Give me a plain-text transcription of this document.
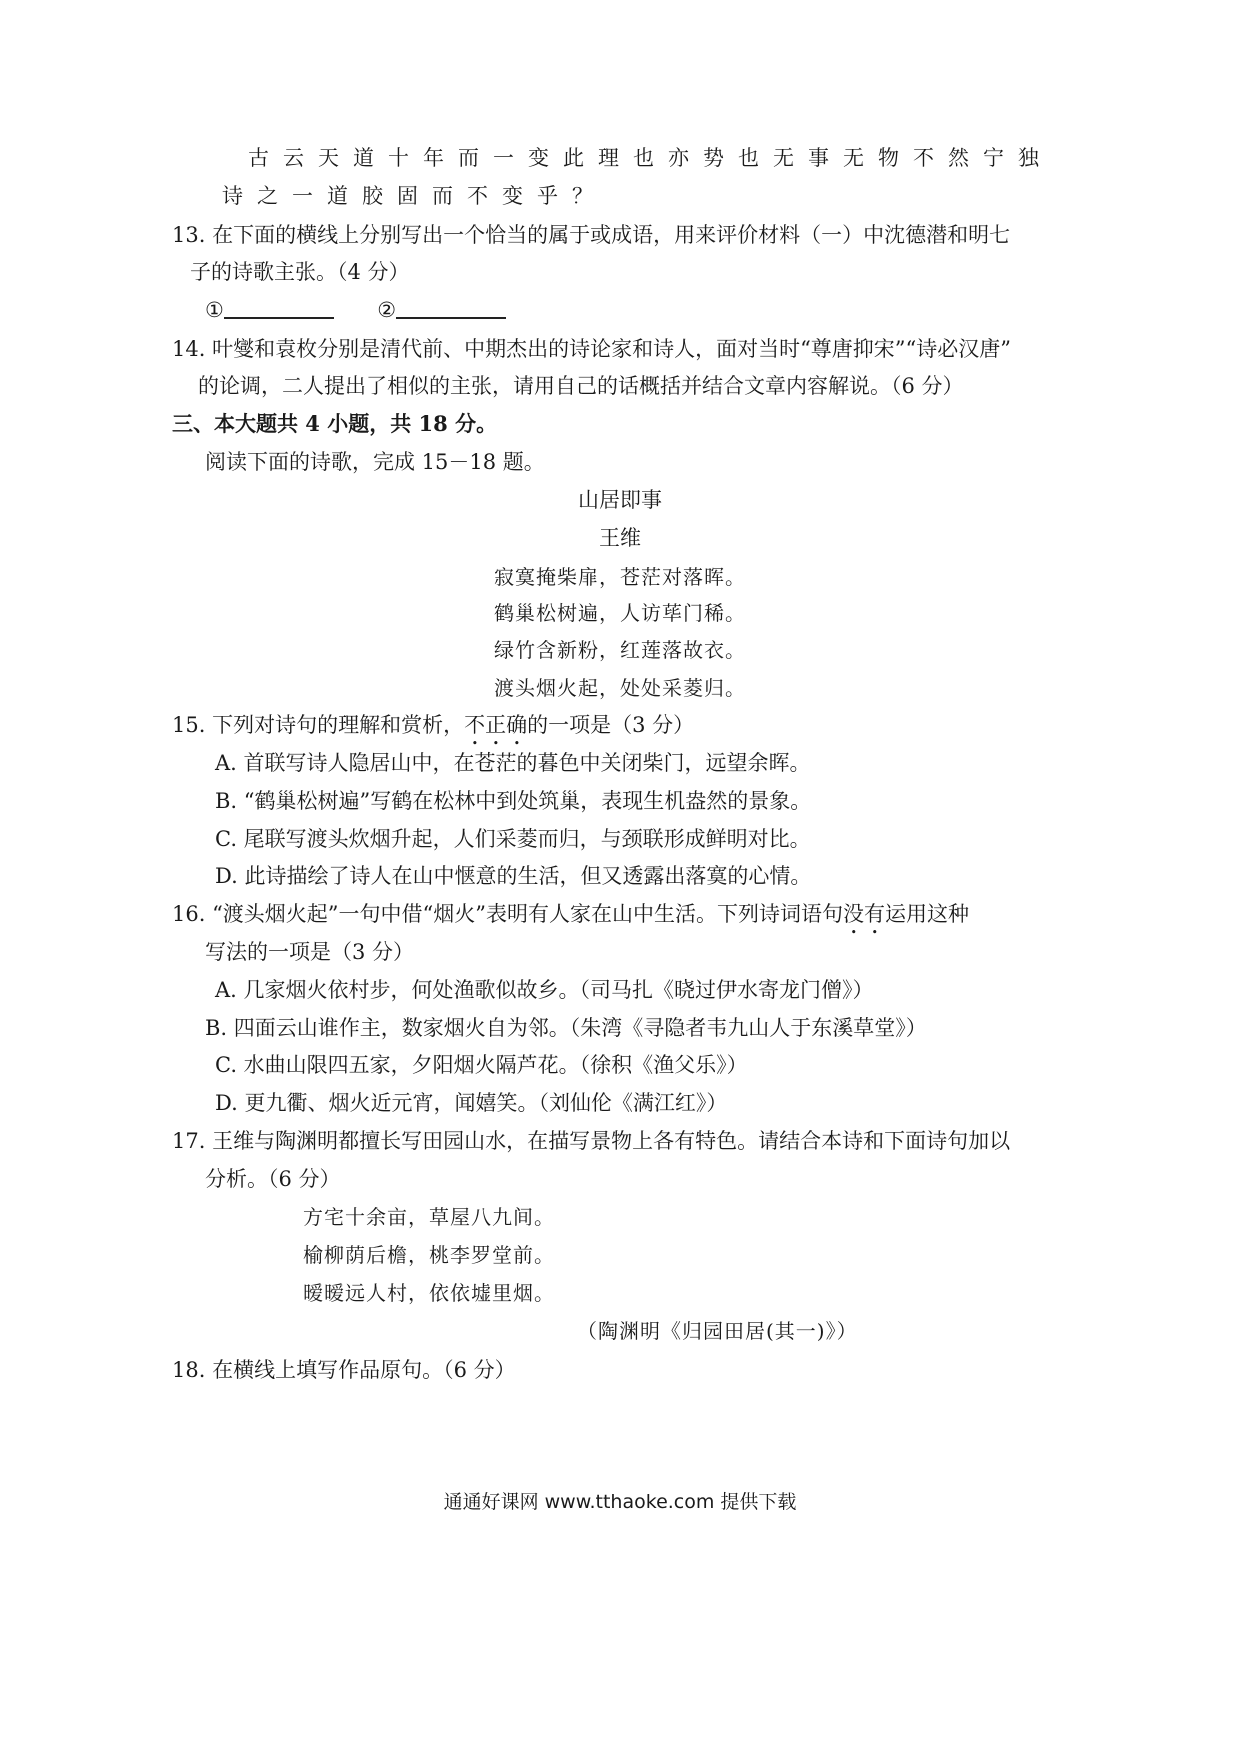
古云天道十年而一变此理也亦势也无事无物不然宁独
诗之一道胶固而不变乎？
13. 在下面的横线上分别写出一个恰当的属于或成语，用来评价材料（一）中沈德潜和明七
子的诗歌主张。（4 分）
①	②
14. 叶燮和袁枚分别是清代前、中期杰出的诗论家和诗人，面对当时“尊唐抑宋”“诗必汉唐”
的论调，二人提出了相似的主张，请用自己的话概括并结合文章内容解说。（6 分）
三、本大题共 4 小题，共 18 分。
阅读下面的诗歌，完成 15－18 题。
山居即事
王维
寂寞掩柴扉，苍茫对落晖。
鹤巢松树遍，人访荜门稀。
绿竹含新粉，红莲落故衣。
渡头烟火起，处处采菱归。
15. 下列对诗句的理解和赏析，不正确的一项是（3 分）
A. 首联写诗人隐居山中，在苍茫的暮色中关闭柴门，远望余晖。
B. “鹤巢松树遍”写鹤在松林中到处筑巢，表现生机盎然的景象。
C. 尾联写渡头炊烟升起，人们采菱而归，与颈联形成鲜明对比。
D. 此诗描绘了诗人在山中惬意的生活，但又透露出落寞的心情。
16. “渡头烟火起”一句中借“烟火”表明有人家在山中生活。下列诗词语句没有运用这种
写法的一项是（3 分）
A. 几家烟火依村步，何处渔歌似故乡。（司马扎《晓过伊水寄龙门僧》）
B. 四面云山谁作主，数家烟火自为邻。（朱湾《寻隐者韦九山人于东溪草堂》）
C. 水曲山限四五家，夕阳烟火隔芦花。（徐积《渔父乐》）
D. 更九衢、烟火近元宵，闻嬉笑。（刘仙伦《满江红》）
17. 王维与陶渊明都擅长写田园山水，在描写景物上各有特色。请结合本诗和下面诗句加以
分析。（6 分）
方宅十余亩，草屋八九间。
榆柳荫后檐，桃李罗堂前。
暧暧远人村，依依墟里烟。
（陶渊明《归园田居(其一)》）
18. 在横线上填写作品原句。（6 分）
通通好课网 www.tthaoke.com 提供下载
